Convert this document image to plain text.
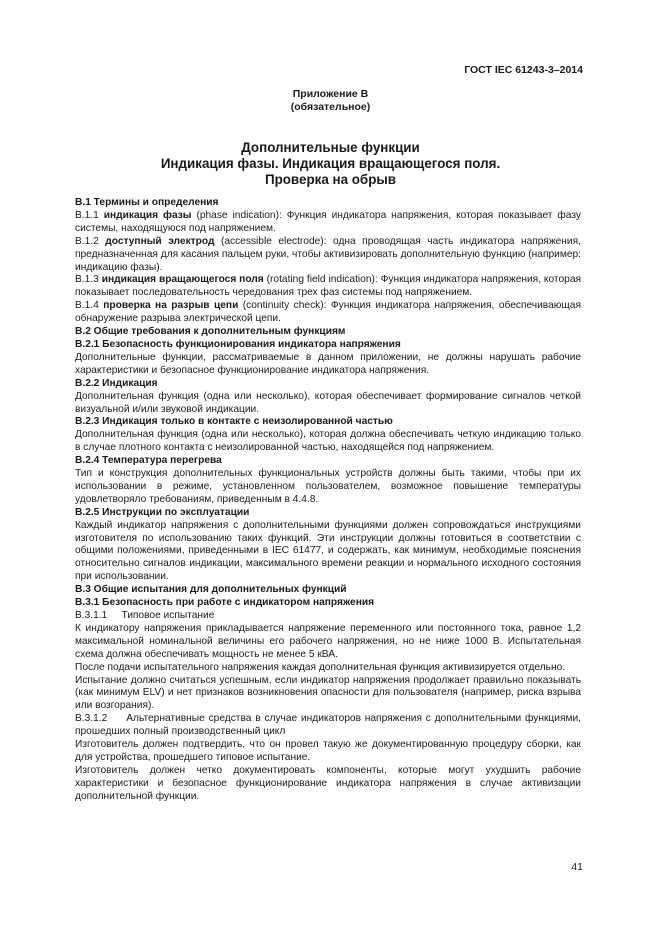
ГОСТ IEC 61243-3–2014
Приложение В
(обязательное)
Дополнительные функции
Индикация фазы. Индикация вращающегося поля.
Проверка на обрыв

В.1 Термины и определения

В.1.1 индикация фазы (phase indication): Функция индикатора напряжения, которая показывает фазу системы, находящуюся под напряжением.

В.1.2 доступный электрод (accessible electrode): одна проводящая часть индикатора напряжения, предназначенная для касания пальцем руки, чтобы активизировать дополнительную функцию (например: индикацию фазы).

В.1.3 индикация вращающегося поля (rotating field indication): Функция индикатора напряжения, которая показывает последовательность чередования трех фаз системы под напряжением.

В.1.4 проверка на разрыв цепи (continuity check): Функция индикатора напряжения, обеспечивающая обнаружение разрыва электрической цепи.

В.2 Общие требования к дополнительным функциям

В.2.1 Безопасность функционирования индикатора напряжения

Дополнительные функции, рассматриваемые в данном приложении, не должны нарушать рабочие характеристики и безопасное функционирование индикатора напряжения.

В.2.2 Индикация

Дополнительная функция (одна или несколько), которая обеспечивает формирование сигналов четкой визуальной и/или звуковой индикации.

В.2.3 Индикация только в контакте с неизолированной частью

Дополнительная функция (одна или несколько), которая должна обеспечивать четкую индикацию только в случае плотного контакта с неизолированной частью, находящейся под напряжением.

В.2.4 Температура перегрева

Тип и конструкция дополнительных функциональных устройств должны быть такими, чтобы при их использовании в режиме, установленном пользователем, возможное повышение температуры удовлетворяло требованиям, приведенным в 4.4.8.

В.2.5 Инструкции по эксплуатации

Каждый индикатор напряжения с дополнительными функциями должен сопровождаться инструкциями изготовителя по использованию таких функций. Эти инструкции должны готовиться в соответствии с общими положениями, приведенными в IEC 61477, и содержать, как минимум, необходимые пояснения относительно сигналов индикации, максимального времени реакции и нормального исходного состояния при использовании.

В.3 Общие испытания для дополнительных функций

В.3.1 Безопасность при работе с индикатором напряжения

В.3.1.1 Типовое испытание

К индикатору напряжения прикладывается напряжение переменного или постоянного тока, равное 1,2 максимальной номинальной величины его рабочего напряжения, но не ниже 1000 В. Испытательная схема должна обеспечивать мощность не менее 5 кВА.

После подачи испытательного напряжения каждая дополнительная функция активизируется отдельно.

Испытание должно считаться успешным, если индикатор напряжения продолжает правильно показывать (как минимум ELV) и нет признаков возникновения опасности для пользователя (например, риска взрыва или возгорания).

В.3.1.2 Альтернативные средства в случае индикаторов напряжения с дополнительными функциями, прошедших полный производственный цикл

Изготовитель должен подтвердить, что он провел такую же документированную процедуру сборки, как для устройства, прошедшего типовое испытание.

Изготовитель должен четко документировать компоненты, которые могут ухудшить рабочие характеристики и безопасное функционирование индикатора напряжения в случае активизации дополнительной функции.

41
